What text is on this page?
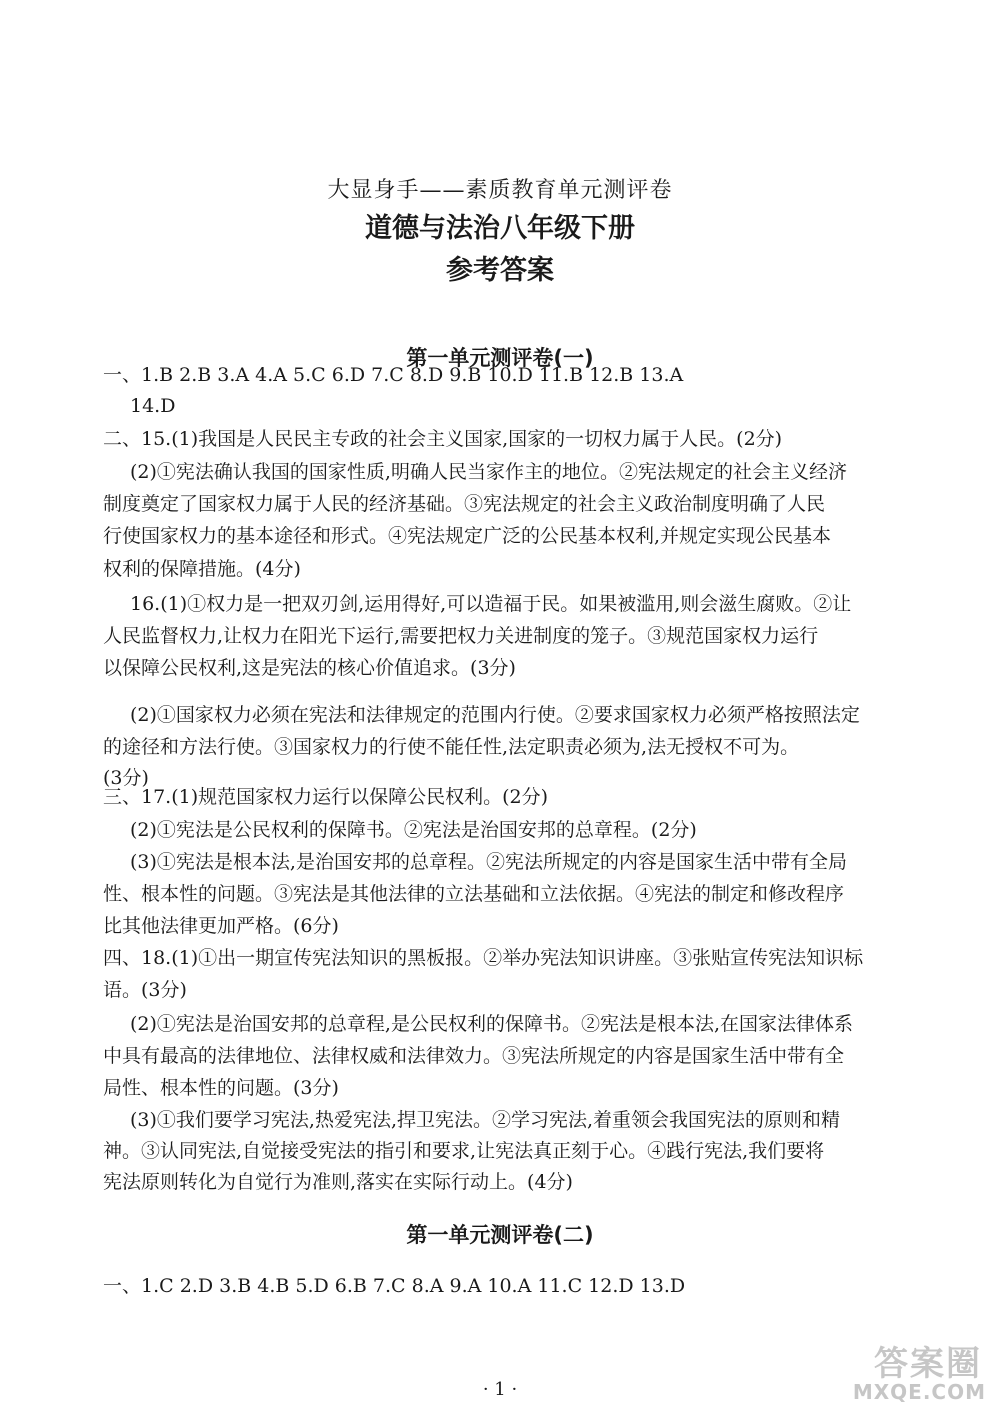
大显身手——素质教育单元测评卷
道德与法治八年级下册
参考答案
第一单元测评卷(一)
一、1.B 2.B 3.A 4.A 5.C 6.D 7.C 8.D 9.B 10.D 11.B 12.B 13.A
14.D
二、15.(1)我国是人民民主专政的社会主义国家,国家的一切权力属于人民。(2分)
(2)①宪法确认我国的国家性质,明确人民当家作主的地位。②宪法规定的社会主义经济
制度奠定了国家权力属于人民的经济基础。③宪法规定的社会主义政治制度明确了人民
行使国家权力的基本途径和形式。④宪法规定广泛的公民基本权利,并规定实现公民基本
权利的保障措施。(4分)
16.(1)①权力是一把双刃剑,运用得好,可以造福于民。如果被滥用,则会滋生腐败。②让
人民监督权力,让权力在阳光下运行,需要把权力关进制度的笼子。③规范国家权力运行
以保障公民权利,这是宪法的核心价值追求。(3分)
(2)①国家权力必须在宪法和法律规定的范围内行使。②要求国家权力必须严格按照法定
的途径和方法行使。③国家权力的行使不能任性,法定职责必须为,法无授权不可为。
(3分)
三、17.(1)规范国家权力运行以保障公民权利。(2分)
(2)①宪法是公民权利的保障书。②宪法是治国安邦的总章程。(2分)
(3)①宪法是根本法,是治国安邦的总章程。②宪法所规定的内容是国家生活中带有全局
性、根本性的问题。③宪法是其他法律的立法基础和立法依据。④宪法的制定和修改程序
比其他法律更加严格。(6分)
四、18.(1)①出一期宣传宪法知识的黑板报。②举办宪法知识讲座。③张贴宣传宪法知识标
语。(3分)
(2)①宪法是治国安邦的总章程,是公民权利的保障书。②宪法是根本法,在国家法律体系
中具有最高的法律地位、法律权威和法律效力。③宪法所规定的内容是国家生活中带有全
局性、根本性的问题。(3分)
(3)①我们要学习宪法,热爱宪法,捍卫宪法。②学习宪法,着重领会我国宪法的原则和精
神。③认同宪法,自觉接受宪法的指引和要求,让宪法真正刻于心。④践行宪法,我们要将
宪法原则转化为自觉行为准则,落实在实际行动上。(4分)
一、1.C 2.D 3.B 4.B 5.D 6.B 7.C 8.A 9.A 10.A 11.C 12.D 13.D
第一单元测评卷(二)
· 1 ·
答案圈
MXQE.COM
